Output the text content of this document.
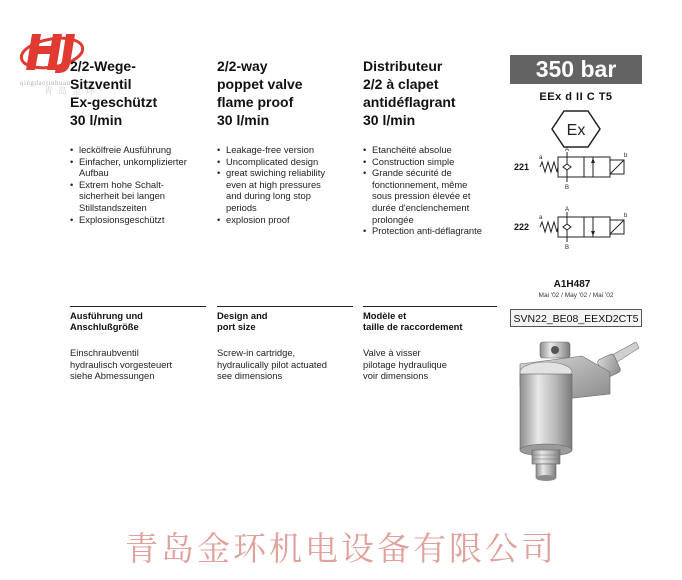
qingdaojinhuan
青 岛 金 环
2/2-Wege-
Sitzventil
Ex-geschützt
30 l/min
• leckölfreie Ausführung
• Einfacher, unkomplizierter
Aufbau
• Extrem hohe Schalt-
sicherheit bei langen
Stillstandszeiten
• Explosionsgeschützt
Ausführung und
Anschlußgröße
Einschraubventil
hydraulisch vorgesteuert
siehe Abmessungen
2/2-way
poppet valve
flame proof
30 l/min
• Leakage-free version
• Uncomplicated design
• great swiching reliability
even at high pressures
and during long stop
periods
• explosion proof
Design and
port size
Screw-in cartridge,
hydraulically pilot actuated
see dimensions
Distributeur
2/2 à clapet
antidéflagrant
30 l/min
• Etanchéité absolue
• Construction simple
• Grande sécurité de
fonctionnement, même
sous pression élevée et
durée d'enclenchement
prolongée
• Protection anti-déflagrante
Modèle et
taille de raccordement
Valve à visser
pilotage hydraulique
voir dimensions
350 bar
EEx d II C T5
Ex
221
a
A
B
b
222
a
A
B
b
A1H487
Mai '02 / May '02 / Mai '02
SVN22_BE08_EEXD2CT5
青岛金环机电设备有限公司
